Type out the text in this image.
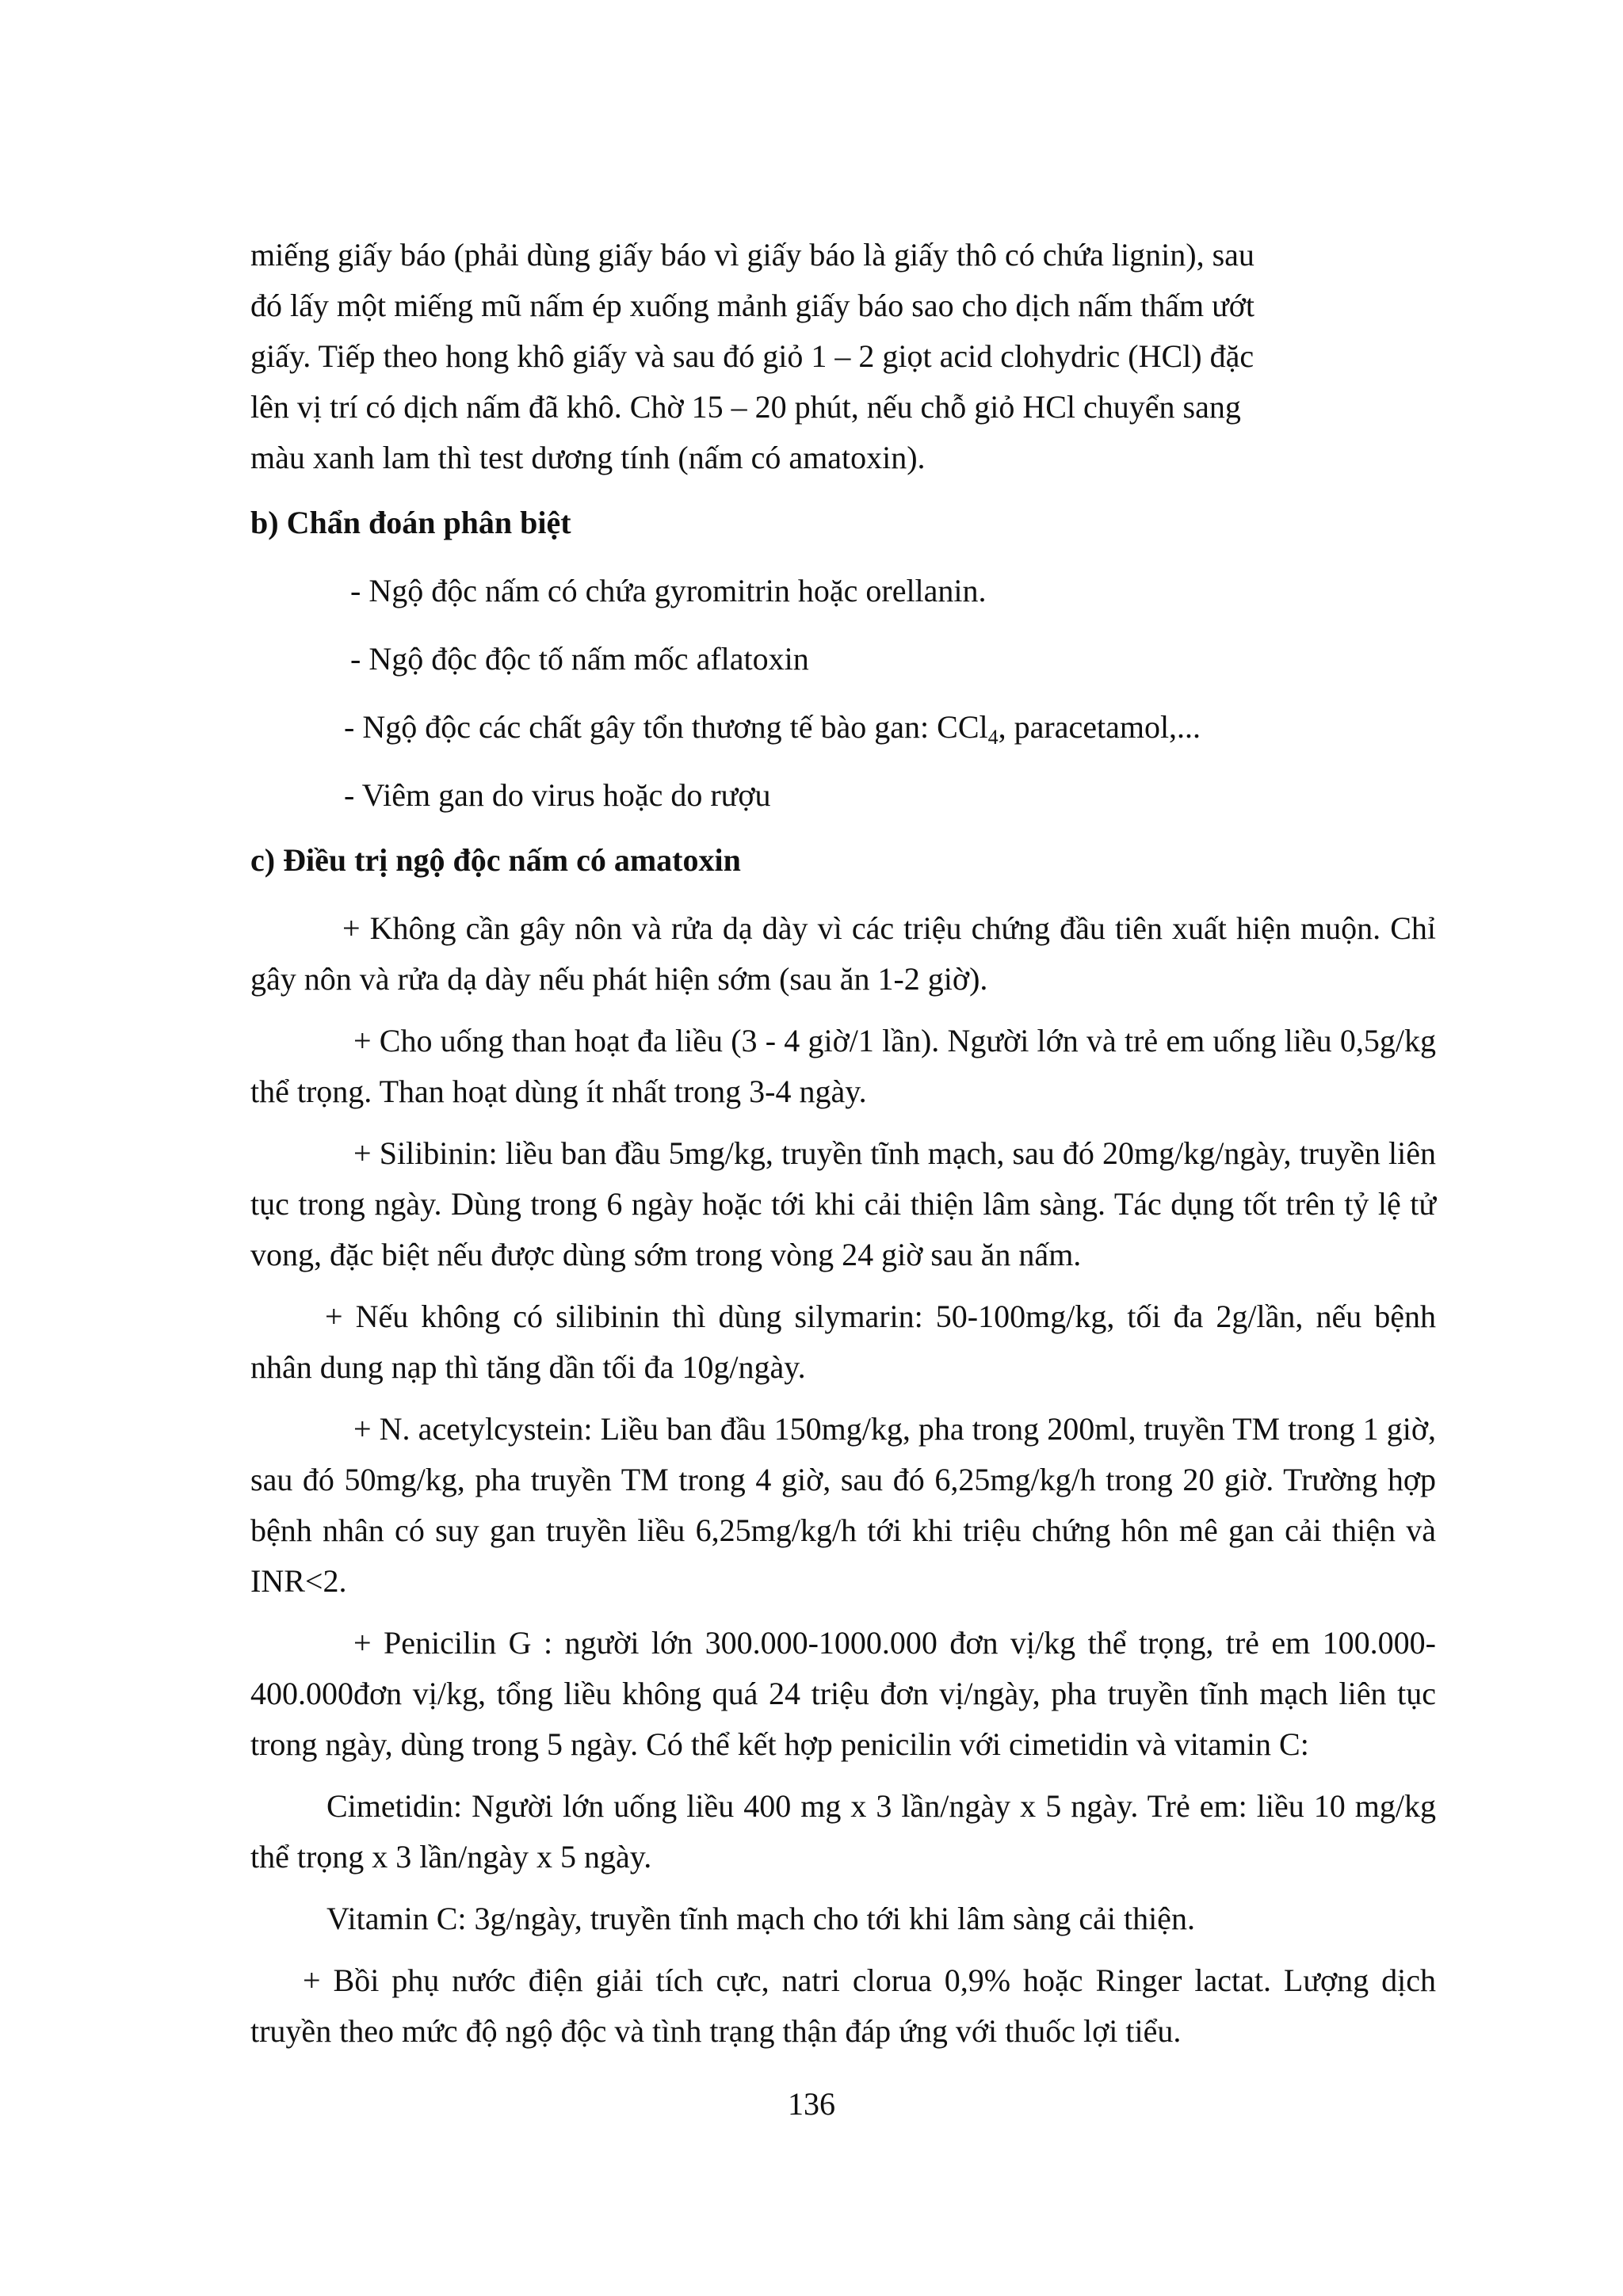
miếng giấy báo (phải dùng giấy báo vì giấy báo là giấy thô có chứa lignin), sau
đó lấy một miếng mũ nấm ép xuống mảnh giấy báo sao cho dịch nấm thấm ướt
giấy. Tiếp theo hong khô giấy và sau đó giỏ 1 – 2 giọt acid clohydric (HCl) đặc
lên vị trí có dịch nấm đã khô. Chờ 15 – 20 phút, nếu chỗ giỏ HCl chuyển sang
màu xanh lam thì test dương tính (nấm có amatoxin).

b) Chẩn đoán phân biệt

- Ngộ độc nấm có chứa gyromitrin hoặc orellanin.

- Ngộ độc độc tố nấm mốc aflatoxin

- Ngộ độc các chất gây tổn thương tế bào gan: CCl$_4$, paracetamol,...

- Viêm gan do virus hoặc do rượu

c) Điều trị ngộ độc nấm có amatoxin

+ Không cần gây nôn và rửa dạ dày vì các triệu chứng đầu tiên xuất hiện muộn. Chỉ gây nôn và rửa dạ dày nếu phát hiện sớm (sau ăn 1-2 giờ).

+ Cho uống than hoạt đa liều (3 - 4 giờ/1 lần). Người lớn và trẻ em uống liều 0,5g/kg thể trọng. Than hoạt dùng ít nhất trong 3-4 ngày.

+ Silibinin: liều ban đầu 5mg/kg, truyền tĩnh mạch, sau đó 20mg/kg/ngày, truyền liên tục trong ngày. Dùng trong 6 ngày hoặc tới khi cải thiện lâm sàng. Tác dụng tốt trên tỷ lệ tử vong, đặc biệt nếu được dùng sớm trong vòng 24 giờ sau ăn nấm.

+ Nếu không có silibinin thì dùng silymarin: 50-100mg/kg, tối đa 2g/lần, nếu bệnh nhân dung nạp thì tăng dần tối đa 10g/ngày.

+ N. acetylcystein: Liều ban đầu 150mg/kg, pha trong 200ml, truyền TM trong 1 giờ, sau đó 50mg/kg, pha truyền TM trong 4 giờ, sau đó 6,25mg/kg/h trong 20 giờ. Trường hợp bệnh nhân có suy gan truyền liều 6,25mg/kg/h tới khi triệu chứng hôn mê gan cải thiện và INR<2.

+ Penicilin G : người lớn 300.000-1000.000 đơn vị/kg thể trọng, trẻ em 100.000-400.000đơn vị/kg, tổng liều không quá 24 triệu đơn vị/ngày, pha truyền tĩnh mạch liên tục trong ngày, dùng trong 5 ngày. Có thể kết hợp penicilin với cimetidin và vitamin C:

Cimetidin: Người lớn uống liều 400 mg x 3 lần/ngày x 5 ngày. Trẻ em: liều 10 mg/kg thể trọng x 3 lần/ngày x 5 ngày.

Vitamin C: 3g/ngày, truyền tĩnh mạch cho tới khi lâm sàng cải thiện.

+ Bồi phụ nước điện giải tích cực, natri clorua 0,9% hoặc Ringer lactat. Lượng dịch truyền theo mức độ ngộ độc và tình trạng thận đáp ứng với thuốc lợi tiểu.

136
